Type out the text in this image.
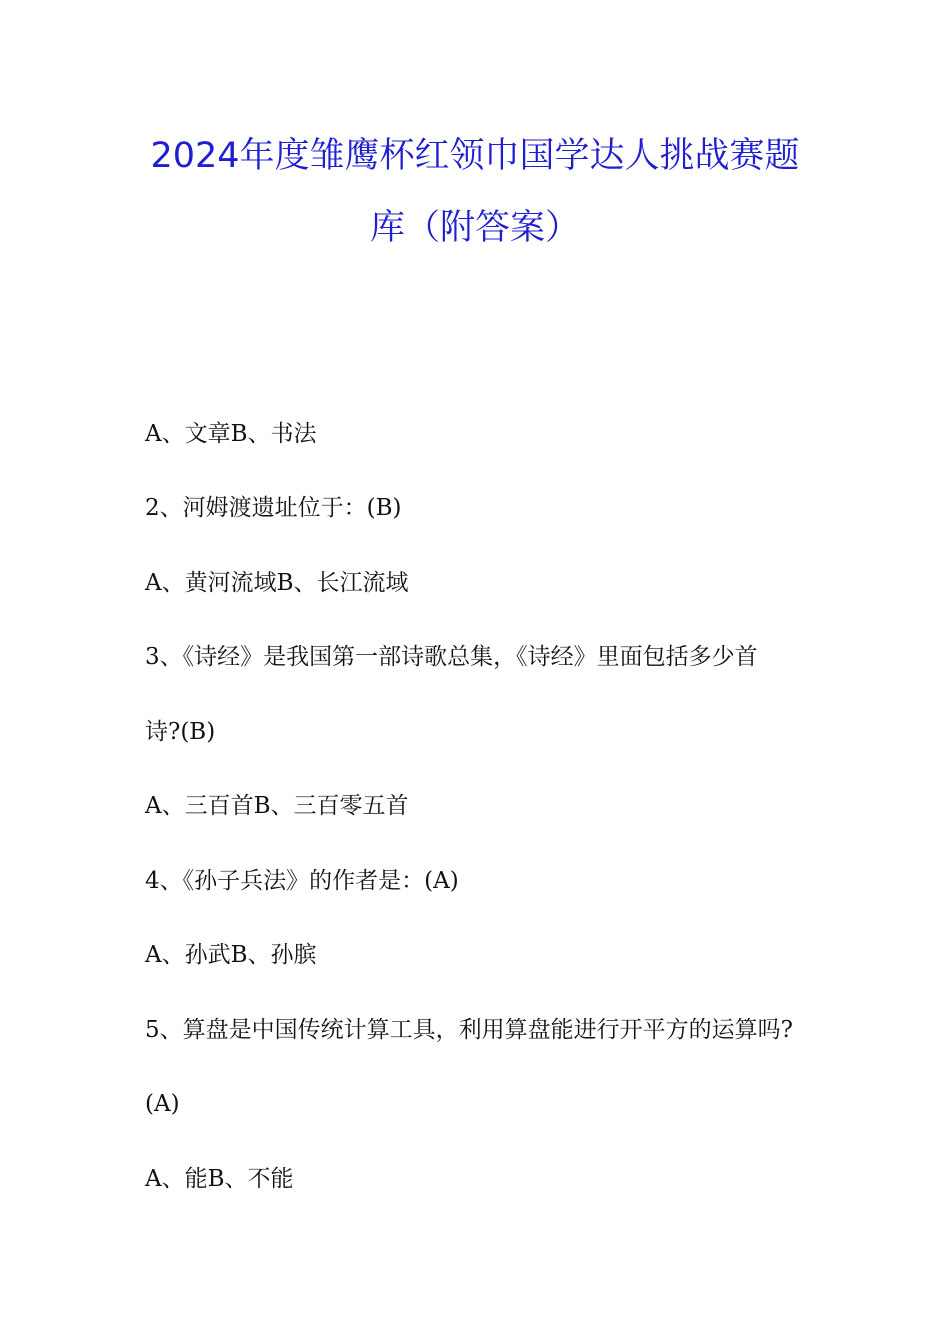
2024年度雏鹰杯红领巾国学达人挑战赛题
库（附答案）
A、文章B、书法
2、河姆渡遗址位于：(B)
A、黄河流域B、长江流域
3、《诗经》是我国第一部诗歌总集，《诗经》里面包括多少首
诗?(B)
A、三百首B、三百零五首
4、《孙子兵法》的作者是：(A)
A、孙武B、孙膑
5、算盘是中国传统计算工具，利用算盘能进行开平方的运算吗?
(A)
A、能B、不能
